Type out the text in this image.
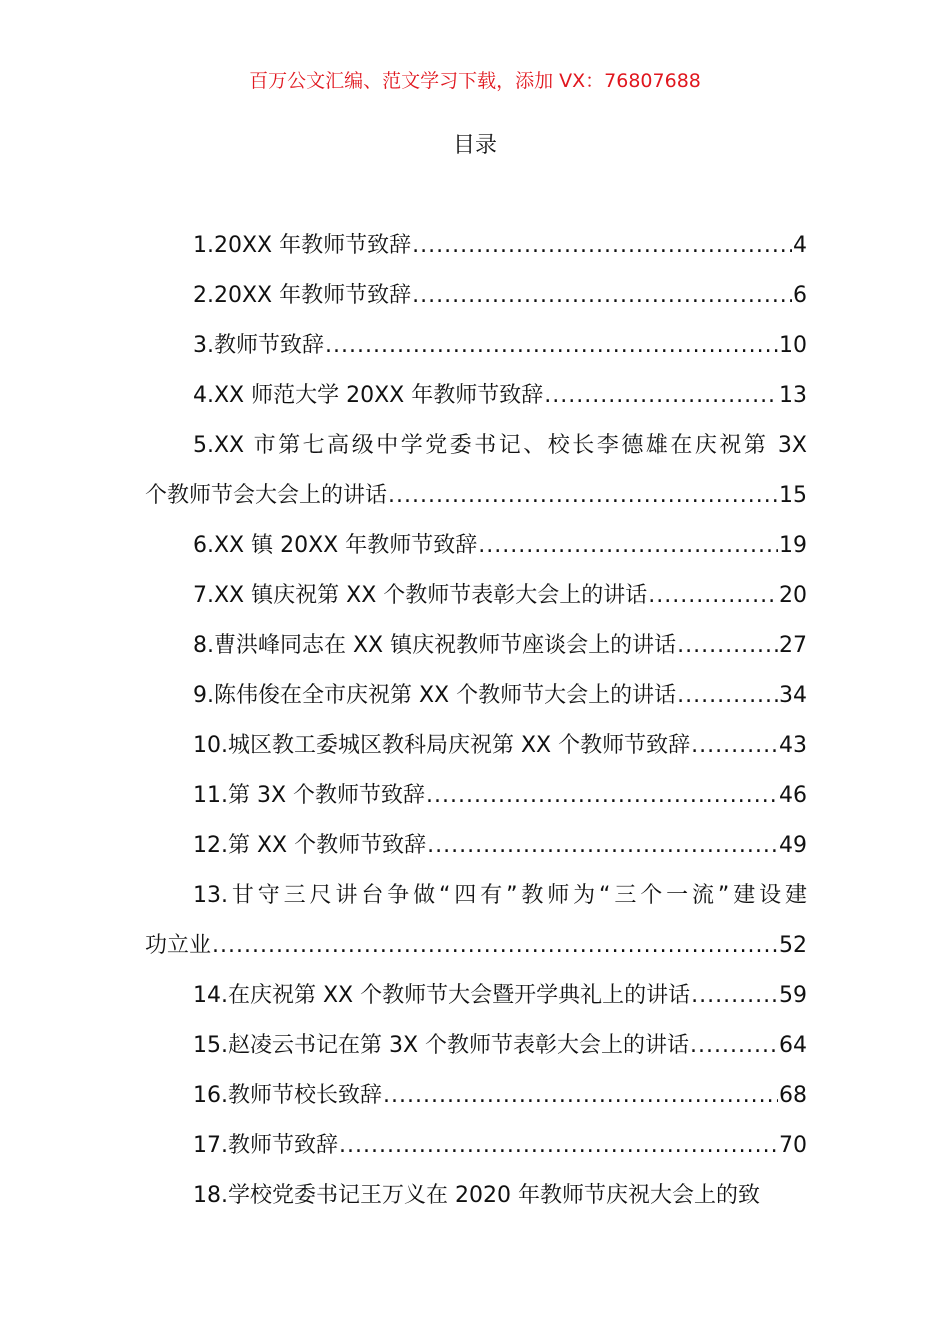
百万公文汇编、范文学习下载，添加 VX：76807688
目录
1.20XX 年教师节致辞 .....	4
2.20XX 年教师节致辞 .....	6
3.教师节致辞 .....	10
4.XX 师范大学 20XX 年教师节致辞 .....	13
5.XX 市第七高级中学党委书记、校长李德雄在庆祝第 3X
个教师节会大会上的讲话 .....	15
6.XX 镇 20XX 年教师节致辞 .....	19
7.XX 镇庆祝第 XX 个教师节表彰大会上的讲话 .....	20
8.曹洪峰同志在 XX 镇庆祝教师节座谈会上的讲话 .....	27
9.陈伟俊在全市庆祝第 XX 个教师节大会上的讲话 .....	34
10.城区教工委城区教科局庆祝第 XX 个教师节致辞 .....	43
11.第 3X 个教师节致辞 .....	46
12.第 XX 个教师节致辞 .....	49
13.甘守三尺讲台争做“四有”教师为“三个一流”建设建
功立业 .....	52
14.在庆祝第 XX 个教师节大会暨开学典礼上的讲话 .....	59
15.赵凌云书记在第 3X 个教师节表彰大会上的讲话 .....	64
16.教师节校长致辞 .....	68
17.教师节致辞 .....	70
18.学校党委书记王万义在 2020 年教师节庆祝大会上的致
